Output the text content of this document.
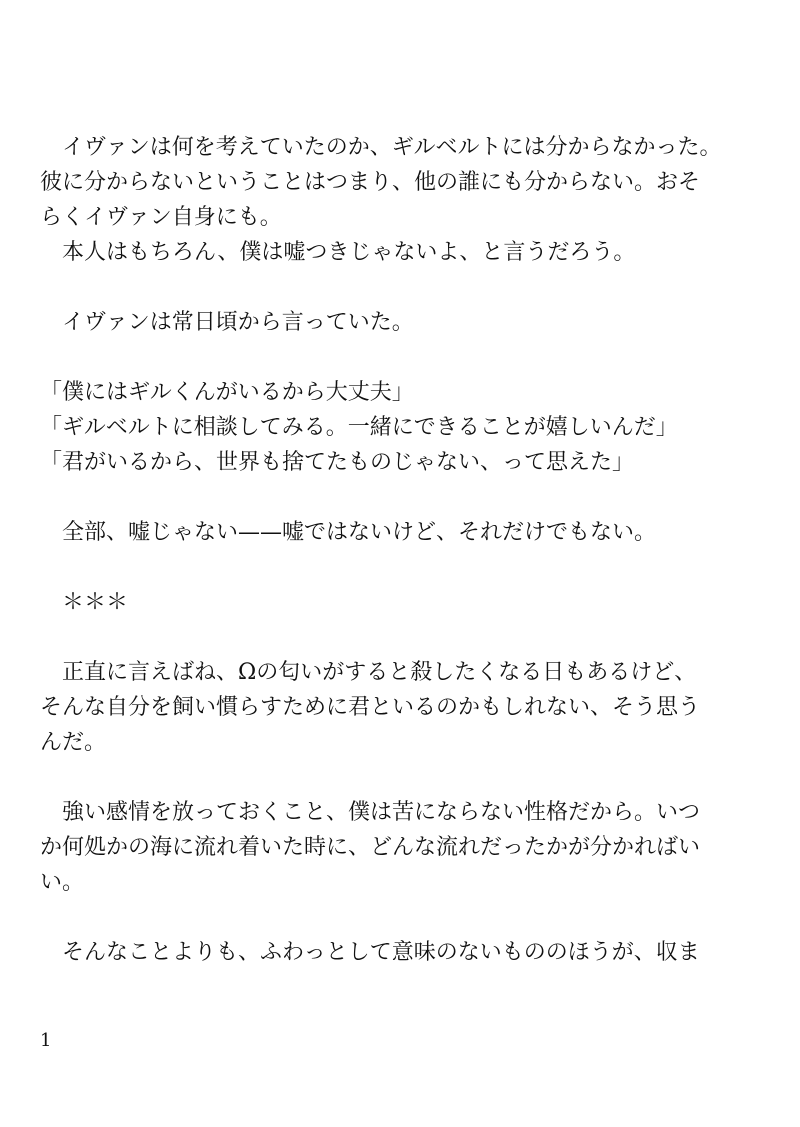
　イヴァンは何を考えていたのか、ギルベルトには分からなかった。
彼に分からないということはつまり、他の誰にも分からない。おそ
らくイヴァン自身にも。
　本人はもちろん、僕は嘘つきじゃないよ、と言うだろう。
　イヴァンは常日頃から言っていた。
「僕にはギルくんがいるから大丈夫」
「ギルベルトに相談してみる。一緒にできることが嬉しいんだ」
「君がいるから、世界も捨てたものじゃない、って思えた」
　全部、嘘じゃない——嘘ではないけど、それだけでもない。
　＊＊＊
　正直に言えばね、Ωの匂いがすると殺したくなる日もあるけど、
そんな自分を飼い慣らすために君といるのかもしれない、そう思う
んだ。
　強い感情を放っておくこと、僕は苦にならない性格だから。いつ
か何処かの海に流れ着いた時に、どんな流れだったかが分かればい
い。
　そんなことよりも、ふわっとして意味のないもののほうが、収ま
1
